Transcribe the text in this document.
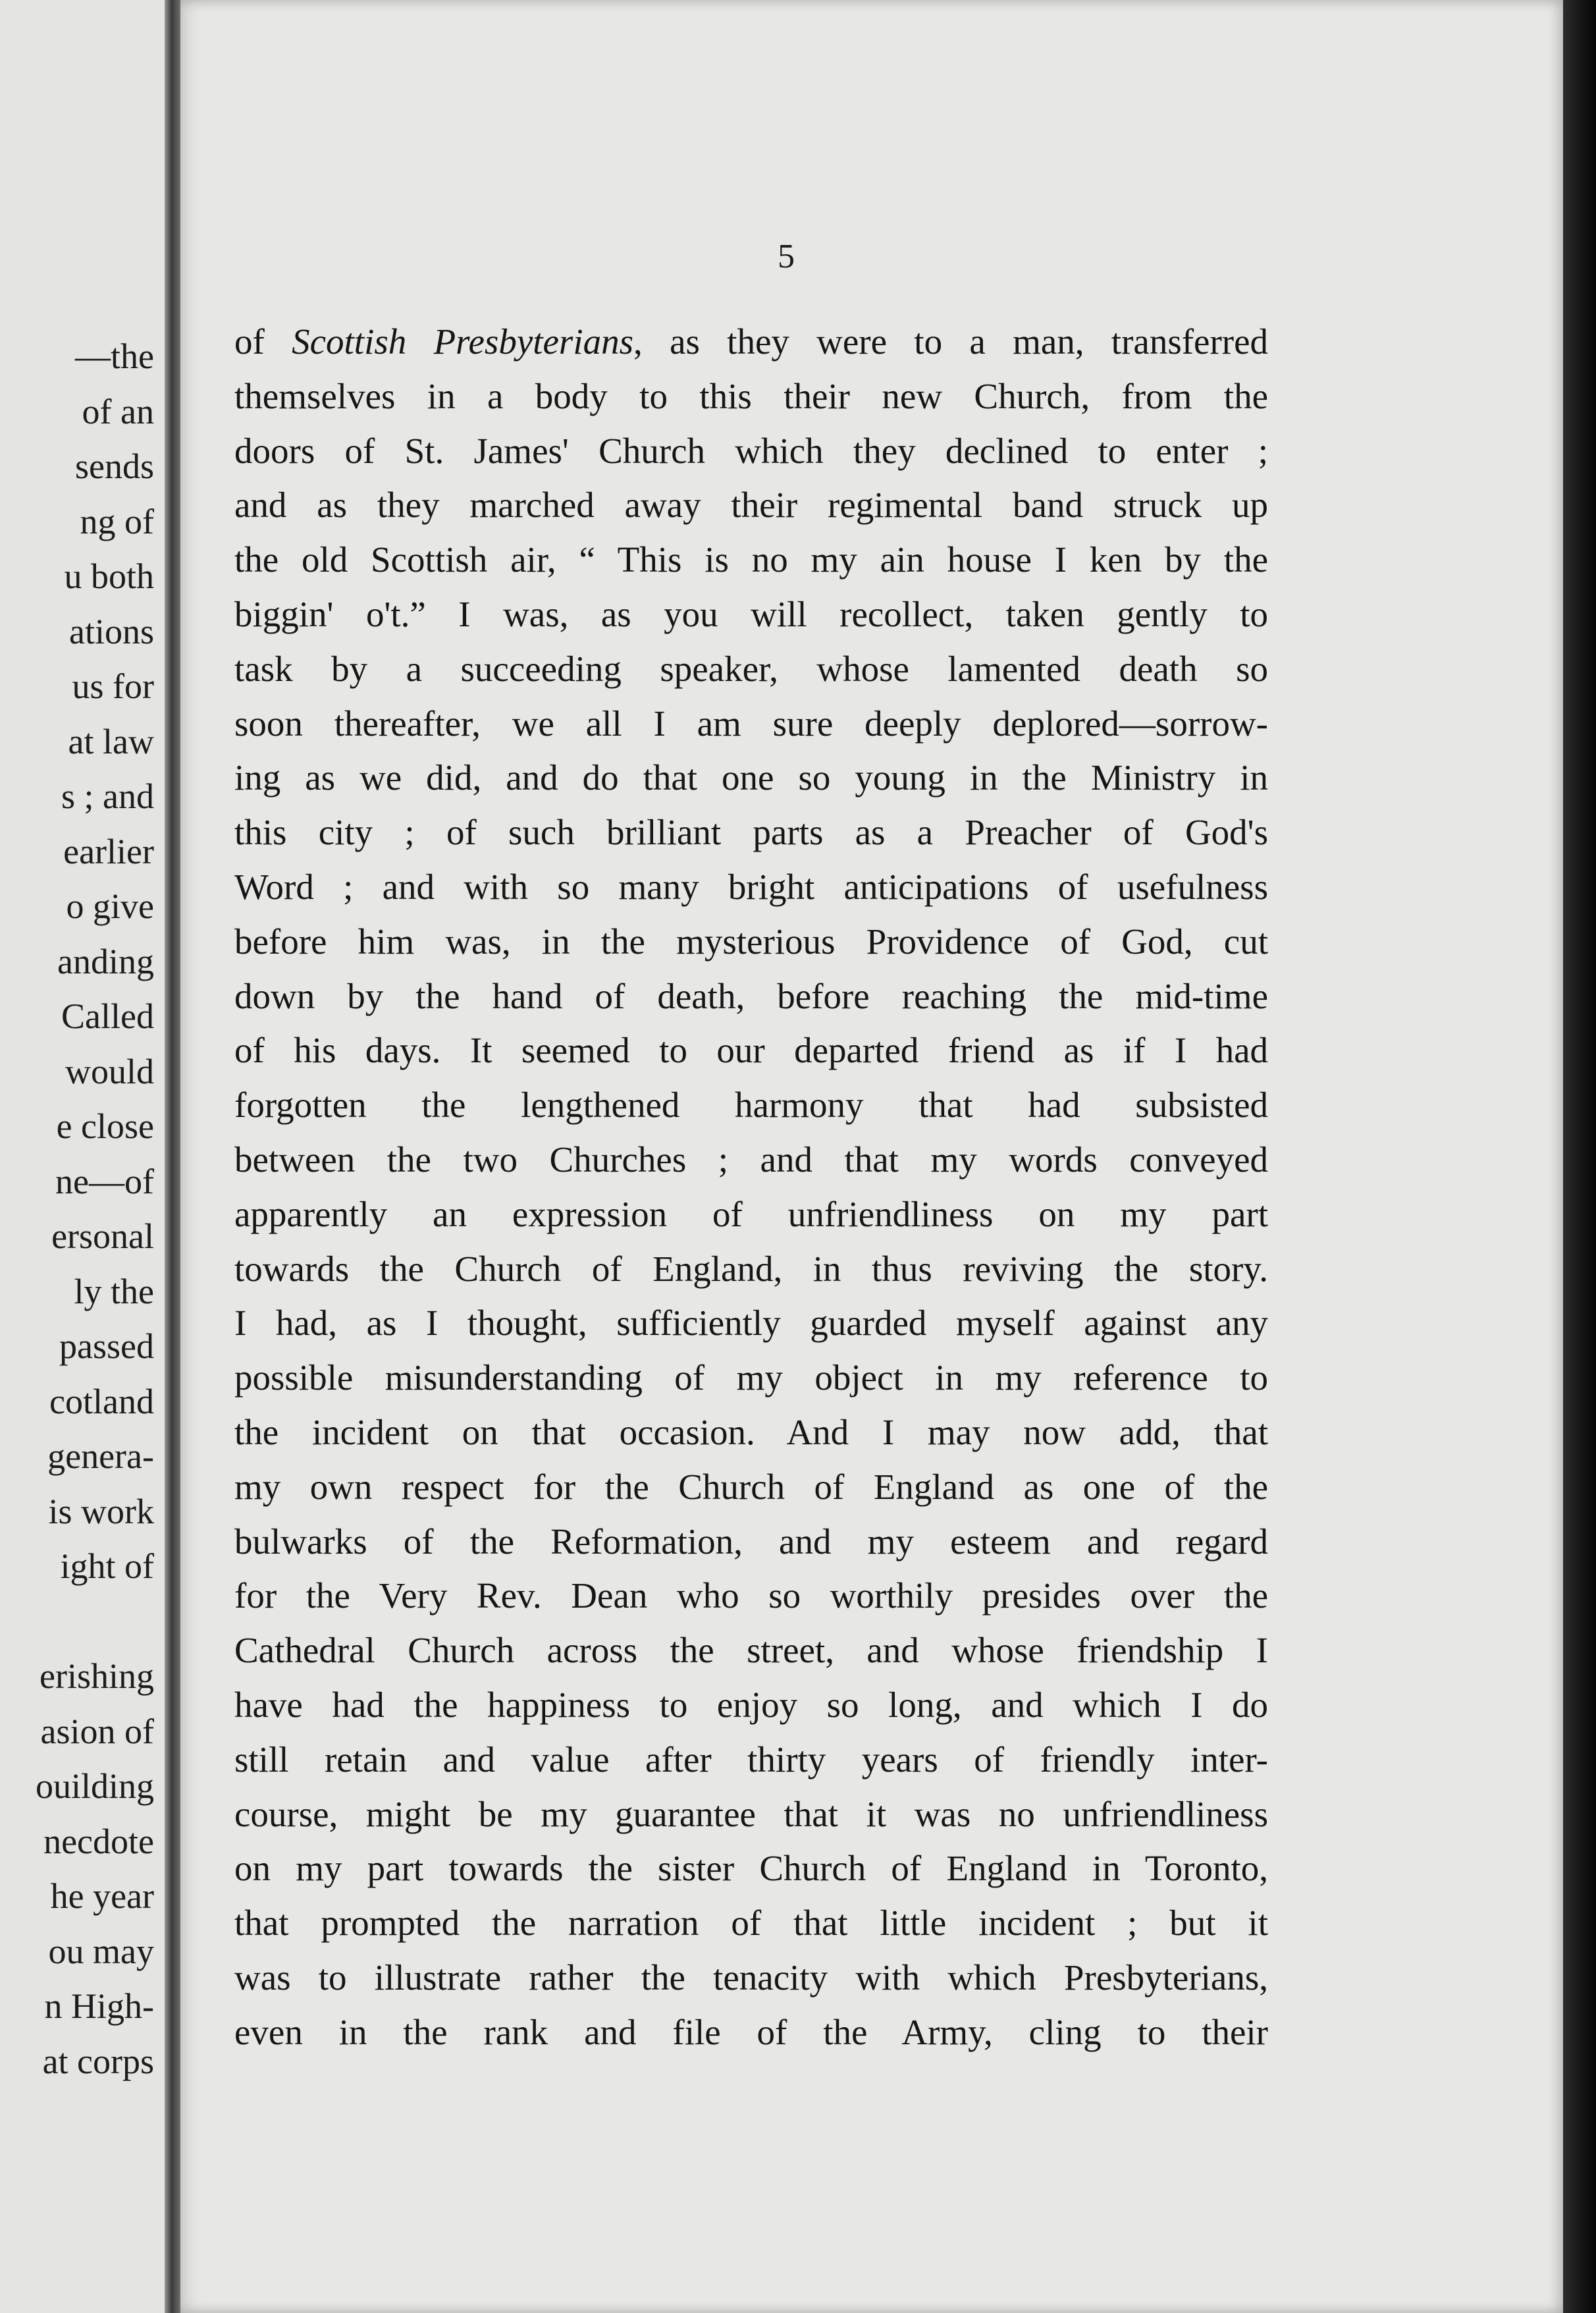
—the
of an
sends
ng of
u both
ations
us for
at law
s ; and
earlier
o give
anding
Called
would
e close
ne—of
ersonal
ly the
passed
cotland
genera-
is work
ight of

erishing
asion of
ouilding
necdote
he year
ou may
n High-
at corps
5
of Scottish Presbyterians, as they were to a man, transferred
themselves in a body to this their new Church, from the
doors of St. James' Church which they declined to enter ;
and as they marched away their regimental band struck up
the old Scottish air, “ This is no my ain house I ken by the
biggin' o't.” I was, as you will recollect, taken gently to
task by a succeeding speaker, whose lamented death so
soon thereafter, we all I am sure deeply deplored—sorrow-
ing as we did, and do that one so young in the Ministry in
this city ; of such brilliant parts as a Preacher of God's
Word ; and with so many bright anticipations of usefulness
before him was, in the mysterious Providence of God, cut
down by the hand of death, before reaching the mid-time
of his days. It seemed to our departed friend as if I had
forgotten the lengthened harmony that had subsisted
between the two Churches ; and that my words conveyed
apparently an expression of unfriendliness on my part
towards the Church of England, in thus reviving the story.
I had, as I thought, sufficiently guarded myself against any
possible misunderstanding of my object in my reference to
the incident on that occasion. And I may now add, that
my own respect for the Church of England as one of the
bulwarks of the Reformation, and my esteem and regard
for the Very Rev. Dean who so worthily presides over the
Cathedral Church across the street, and whose friendship I
have had the happiness to enjoy so long, and which I do
still retain and value after thirty years of friendly inter-
course, might be my guarantee that it was no unfriendliness
on my part towards the sister Church of England in Toronto,
that prompted the narration of that little incident ; but it
was to illustrate rather the tenacity with which Presbyterians,
even in the rank and file of the Army, cling to their
